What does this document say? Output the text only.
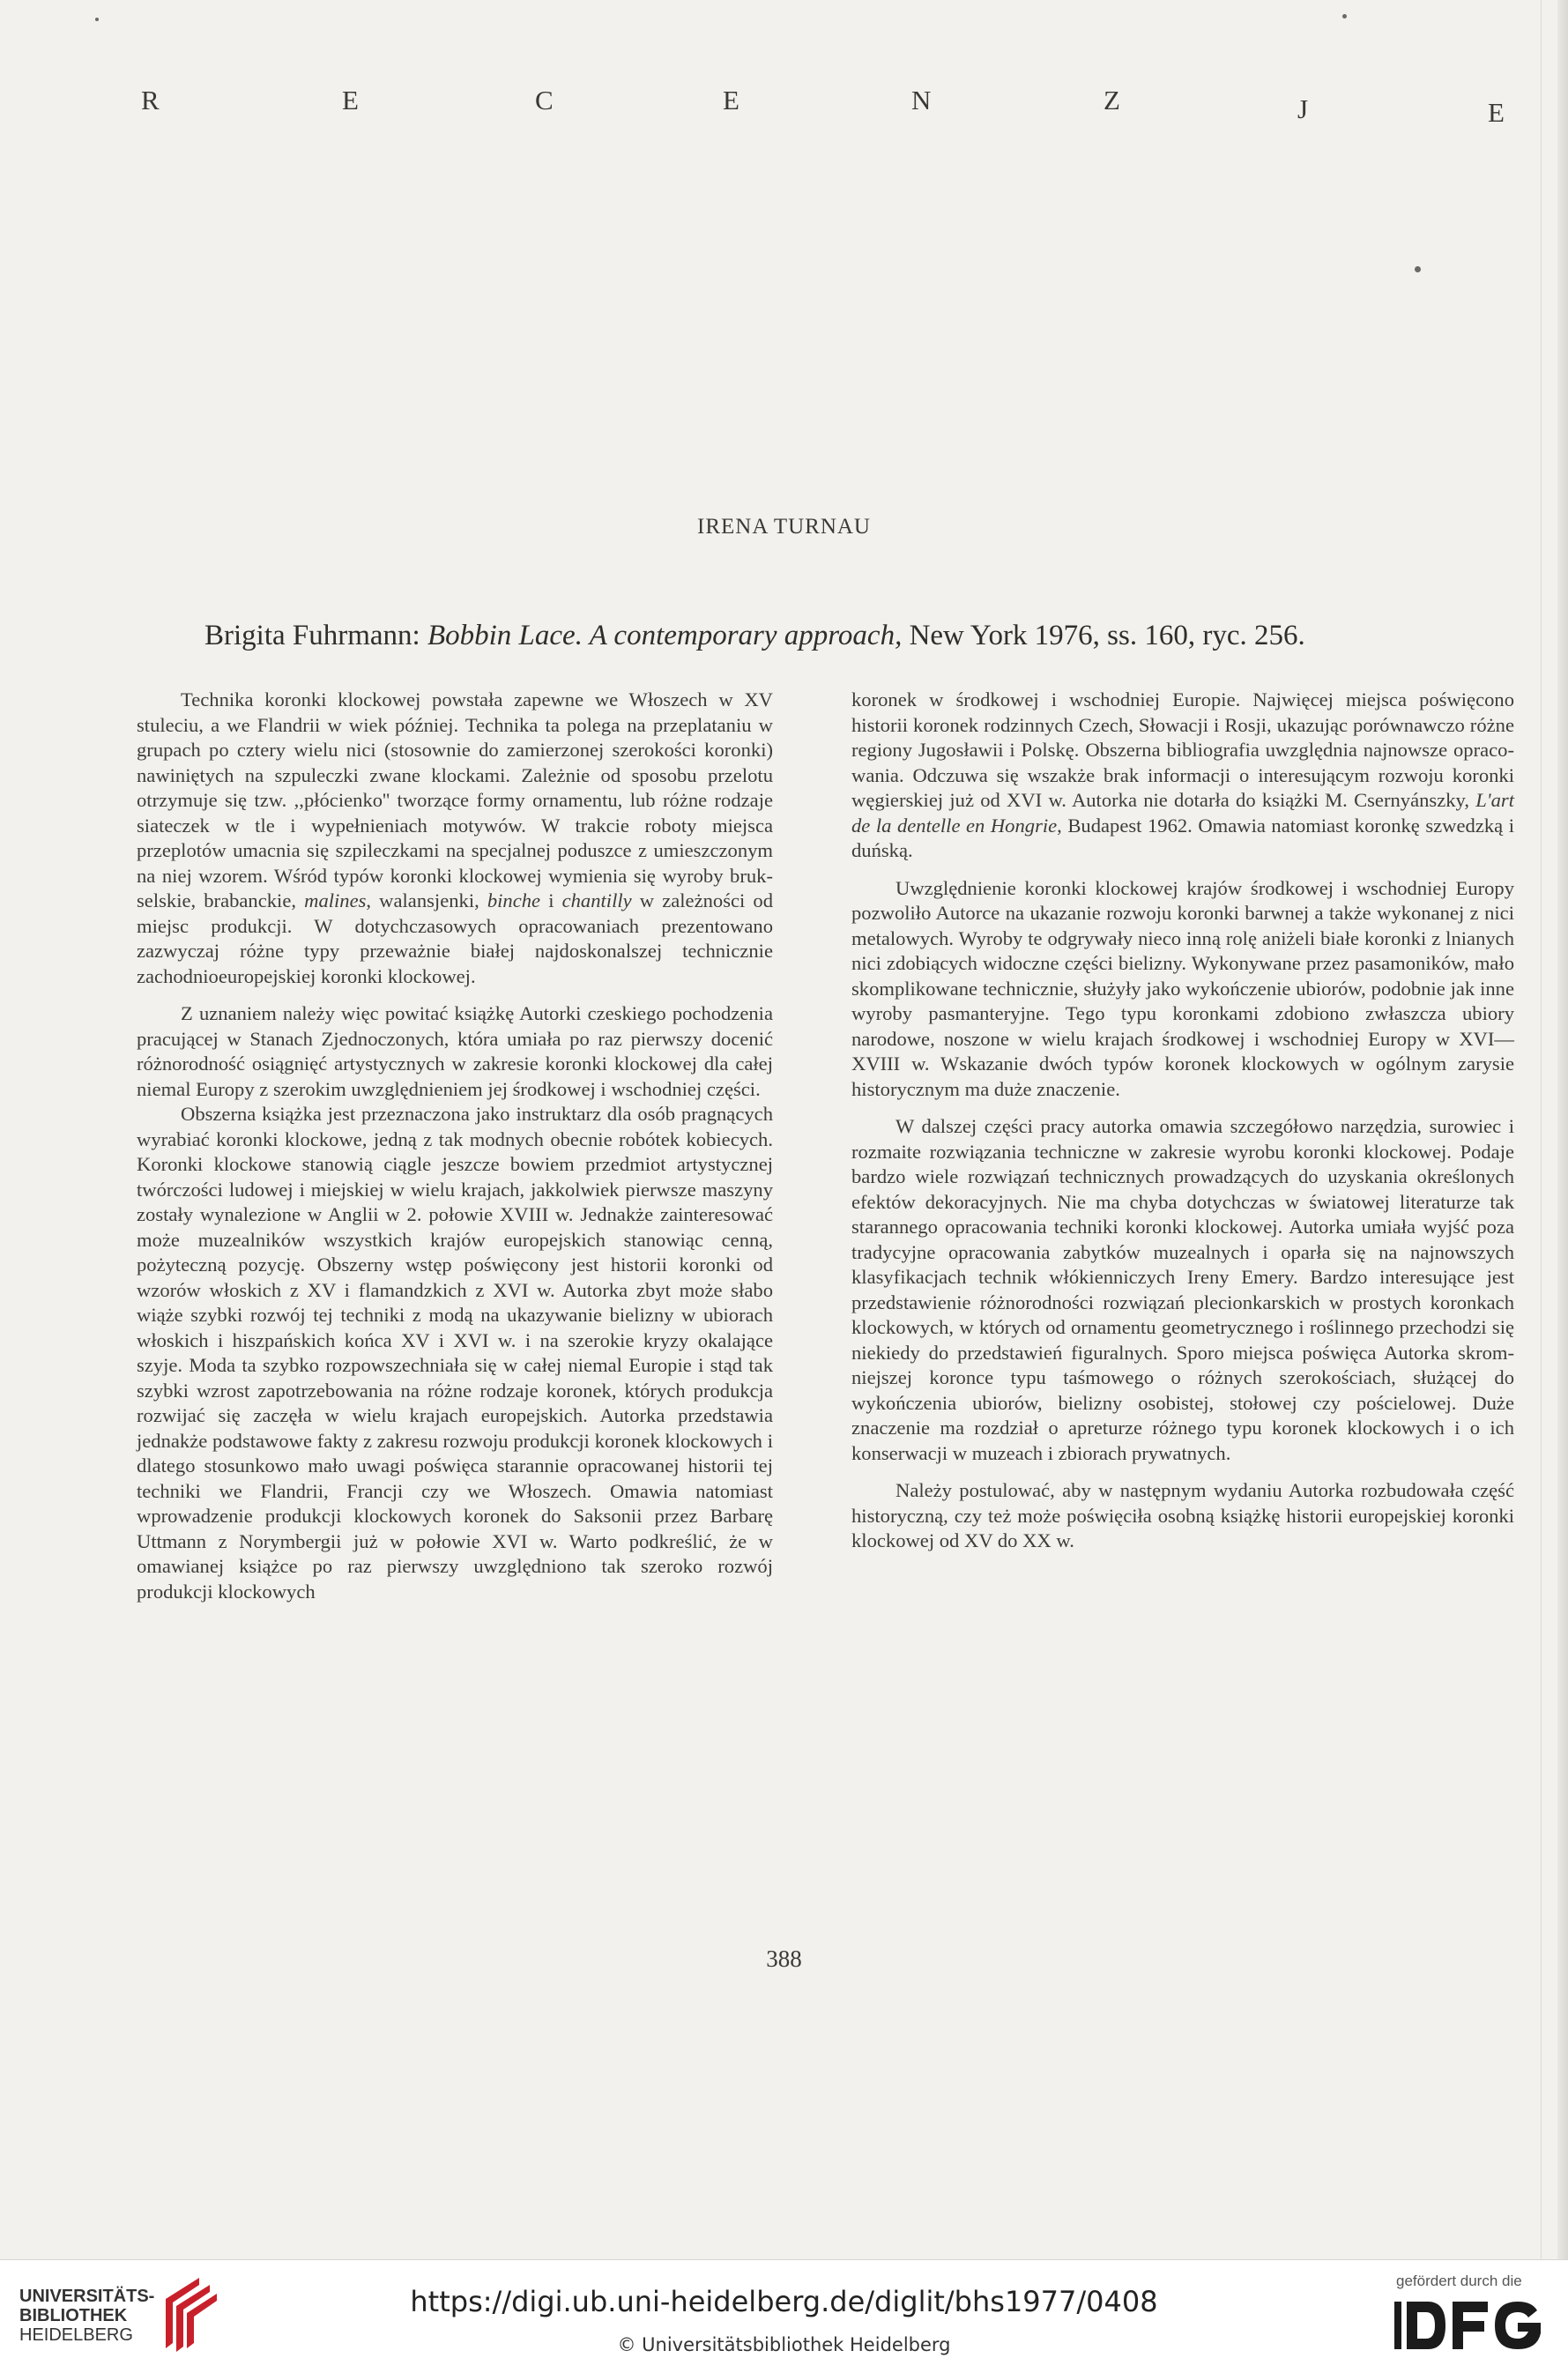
R	E	C	E	N	Z	J	E
IRENA TURNAU
Brigita Fuhrmann: Bobbin Lace. A contemporary approach, New York 1976, ss. 160, ryc. 256.

Technika koronki klockowej powstała zapewne we Włoszech w XV stuleciu, a we Flandrii w wiek później. Technika ta polega na przeplataniu w grupach po cztery wielu nici (stosownie do zamierzonej szerokości koronki) nawiniętych na szpuleczki zwane klockami. Zależnie od sposobu przelotu otrzymuje się tzw. ,,płócienko'' tworzące formy ornamentu, lub różne rodzaje siateczek w tle i wypełnieniach motywów. W trakcie roboty miejsca przeplotów umacnia się szpileczkami na specjalnej poduszce z umieszczonym na niej wzorem. Wśród typów koronki klockowej wymienia się wyroby brukselskie, brabanckie, malines, walansjenki, binche i chantilly w zależności od miejsc produkcji. W dotychczasowych opracowaniach prezentowano zazwyczaj różne typy przeważnie białej najdoskonalszej technicznie zachodnioeuropejskiej koronki klockowej.

Z uznaniem należy więc powitać książkę Autorki czeskiego pochodzenia pracującej w Stanach Zjednoczonych, która umiała po raz pierwszy docenić różnorodność osiągnięć artystycznych w zakresie koronki klockowej dla całej niemal Europy z szerokim uwzględnieniem jej środkowej i wschodniej części.

Obszerna książka jest przeznaczona jako instruktarz dla osób pragnących wyrabiać koronki klockowe, jedną z tak modnych obecnie robótek kobiecych. Koronki klockowe stanowią ciągle jeszcze bowiem przedmiot artystycznej twórczości ludowej i miejskiej w wielu krajach, jakkolwiek pierwsze maszyny zostały wynalezione w Anglii w 2. połowie XVIII w. Jednakże zainteresować może muzealników wszystkich krajów europejskich stanowiąc cenną, pożyteczną pozycję. Obszerny wstęp poświęcony jest historii koronki od wzorów włoskich z XV i flamandzkich z XVI w. Autorka zbyt może słabo wiąże szybki rozwój tej techniki z modą na ukazywanie bielizny w ubiorach włoskich i hiszpańskich końca XV i XVI w. i na szerokie kryzy okalające szyje. Moda ta szybko rozpowszechniała się w całej niemal Europie i stąd tak szybki wzrost zapotrzebowania na różne rodzaje koronek, których produkcja rozwijać się zaczęła w wielu krajach europejskich. Autorka przedstawia jednakże podstawowe fakty z zakresu rozwoju produkcji koronek klockowych i dlatego stosunkowo mało uwagi poświęca starannie opracowanej historii tej techniki we Flandrii, Francji czy we Włoszech. Omawia natomiast wprowadzenie produkcji klockowych koronek do Saksonii przez Barbarę Uttmann z Norymbergii już w połowie XVI w. Warto podkreślić, że w omawianej książce po raz pierwszy uwzględniono tak szeroko rozwój produkcji klockowych

koronek w środkowej i wschodniej Europie. Najwięcej miejsca poświęcono historii koronek rodzinnych Czech, Słowacji i Rosji, ukazując porównawczo różne regiony Jugosławii i Polskę. Obszerna bibliografia uwzględnia najnowsze opracowania. Odczuwa się wszakże brak informacji o interesującym rozwoju koronki węgierskiej już od XVI w. Autorka nie dotarła do książki M. Csernyánszky, L'art de la dentelle en Hongrie, Budapest 1962. Omawia natomiast koronkę szwedzką i duńską.

Uwzględnienie koronki klockowej krajów środkowej i wschodniej Europy pozwoliło Autorce na ukazanie rozwoju koronki barwnej a także wykonanej z nici metalowych. Wyroby te odgrywały nieco inną rolę aniżeli białe koronki z lnianych nici zdobiących widoczne części bielizny. Wykonywane przez pasamoników, mało skomplikowane technicznie, służyły jako wykończenie ubiorów, podobnie jak inne wyroby pasmanteryjne. Tego typu koronkami zdobiono zwłaszcza ubiory narodowe, noszone w wielu krajach środkowej i wschodniej Europy w XVI—XVIII w. Wskazanie dwóch typów koronek klockowych w ogólnym zarysie historycznym ma duże znaczenie.

W dalszej części pracy autorka omawia szczegółowo narzędzia, surowiec i rozmaite rozwiązania techniczne w zakresie wyrobu koronki klockowej. Podaje bardzo wiele rozwiązań technicznych prowadzących do uzyskania określonych efektów dekoracyjnych. Nie ma chyba dotychczas w światowej literaturze tak starannego opracowania techniki koronki klockowej. Autorka umiała wyjść poza tradycyjne opracowania zabytków muzealnych i oparła się na najnowszych klasyfikacjach technik włókienniczych Ireny Emery. Bardzo interesujące jest przedstawienie różnorodności rozwiązań plecionkarskich w prostych koronkach klockowych, w których od ornamentu geometrycznego i roślinnego przechodzi się niekiedy do przedstawień figuralnych. Sporo miejsca poświęca Autorka skromniejszej koronce typu taśmowego o różnych szerokościach, służącej do wykończenia ubiorów, bielizny osobistej, stołowej czy pościelowej. Duże znaczenie ma rozdział o apreturze różnego typu koronek klockowych i o ich konserwacji w muzeach i zbiorach prywatnych.

Należy postulować, aby w następnym wydaniu Autorka rozbudowała część historyczną, czy też może poświęciła osobną książkę historii europejskiej koronki klockowej od XV do XX w.

388
UNIVERSITÄTS-
BIBLIOTHEK
HEIDELBERG
https://digi.ub.uni-heidelberg.de/diglit/bhs1977/0408
© Universitätsbibliothek Heidelberg
gefördert durch die
